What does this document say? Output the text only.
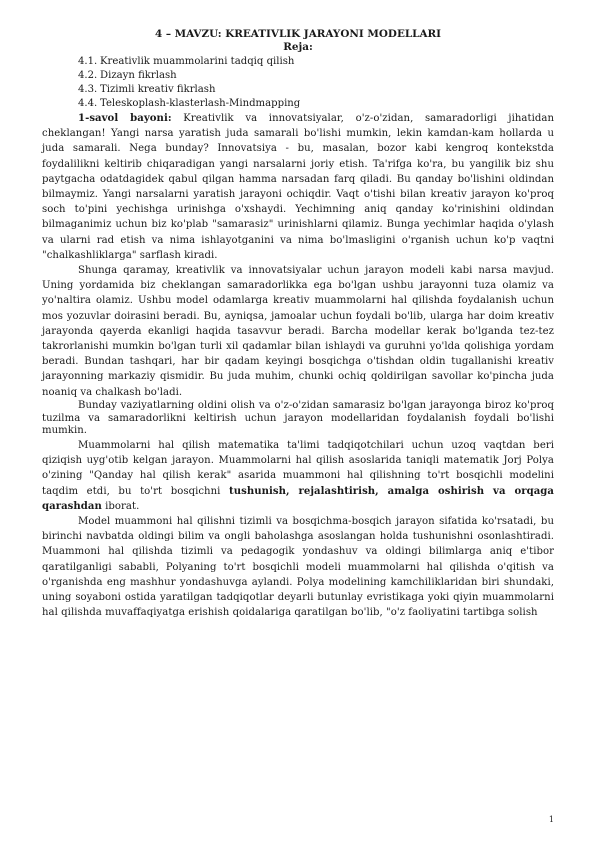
4 – MAVZU: KREATIVLIK JARAYONI MODELLARI
Reja:
4.1. Kreativlik muammolarini tadqiq qilish
4.2. Dizayn fikrlash
4.3. Tizimli kreativ fikrlash
4.4. Teleskoplash-klasterlash-Mindmapping

1-savol bayoni: Kreativlik va innovatsiyalar, o'z-o'zidan, samaradorligi jihatidan cheklangan! Yangi narsa yaratish juda samarali bo'lishi mumkin, lekin kamdan-kam hollarda u juda samarali. Nega bunday? Innovatsiya - bu, masalan, bozor kabi kengroq kontekstda foydalilikni keltirib chiqaradigan yangi narsalarni joriy etish. Ta'rifga ko'ra, bu yangilik biz shu paytgacha odatdagidek qabul qilgan hamma narsadan farq qiladi. Bu qanday bo'lishini oldindan bilmaymiz. Yangi narsalarni yaratish jarayoni ochiqdir. Vaqt o'tishi bilan kreativ jarayon ko'proq soch to'pini yechishga urinishga o'xshaydi. Yechimning aniq qanday ko'rinishini oldindan bilmaganimiz uchun biz ko'plab "samarasiz" urinishlarni qilamiz. Bunga yechimlar haqida o'ylash va ularni rad etish va nima ishlayotganini va nima bo'lmasligini o'rganish uchun ko'p vaqtni "chalkashliklarga" sarflash kiradi.

Shunga qaramay, kreativlik va innovatsiyalar uchun jarayon modeli kabi narsa mavjud. Uning yordamida biz cheklangan samaradorlikka ega bo'lgan ushbu jarayonni tuza olamiz va yo'naltira olamiz. Ushbu model odamlarga kreativ muammolarni hal qilishda foydalanish uchun mos yozuvlar doirasini beradi. Bu, ayniqsa, jamoalar uchun foydali bo'lib, ularga har doim kreativ jarayonda qayerda ekanligi haqida tasavvur beradi. Barcha modellar kerak bo'lganda tez-tez takrorlanishi mumkin bo'lgan turli xil qadamlar bilan ishlaydi va guruhni yo'lda qolishiga yordam beradi. Bundan tashqari, har bir qadam keyingi bosqichga o'tishdan oldin tugallanishi kreativ jarayonning markaziy qismidir. Bu juda muhim, chunki ochiq qoldirilgan savollar ko'pincha juda noaniq va chalkash bo'ladi.

Bunday vaziyatlarning oldini olish va o'z-o'zidan samarasiz bo'lgan jarayonga biroz ko'proq tuzilma va samaradorlikni keltirish uchun jarayon modellaridan foydalanish foydali bo'lishi mumkin.

Muammolarni hal qilish matematika ta'limi tadqiqotchilari uchun uzoq vaqtdan beri qiziqish uyg'otib kelgan jarayon. Muammolarni hal qilish asoslarida taniqli matematik Jorj Polya o'zining "Qanday hal qilish kerak" asarida muammoni hal qilishning to'rt bosqichli modelini taqdim etdi, bu to'rt bosqichni tushunish, rejalashtirish, amalga oshirish va orqaga qarashdan iborat.

Model muammoni hal qilishni tizimli va bosqichma-bosqich jarayon sifatida ko'rsatadi, bu birinchi navbatda oldingi bilim va ongli baholashga asoslangan holda tushunishni osonlashtiradi. Muammoni hal qilishda tizimli va pedagogik yondashuv va oldingi bilimlarga aniq e'tibor qaratilganligi sababli, Polyaning to'rt bosqichli modeli muammolarni hal qilishda o'qitish va o'rganishda eng mashhur yondashuvga aylandi. Polya modelining kamchiliklaridan biri shundaki, uning soyaboni ostida yaratilgan tadqiqotlar deyarli butunlay evristikaga yoki qiyin muammolarni hal qilishda muvaffaqiyatga erishish qoidalariga qaratilgan bo'lib, "o'z faoliyatini tartibga solish

1
